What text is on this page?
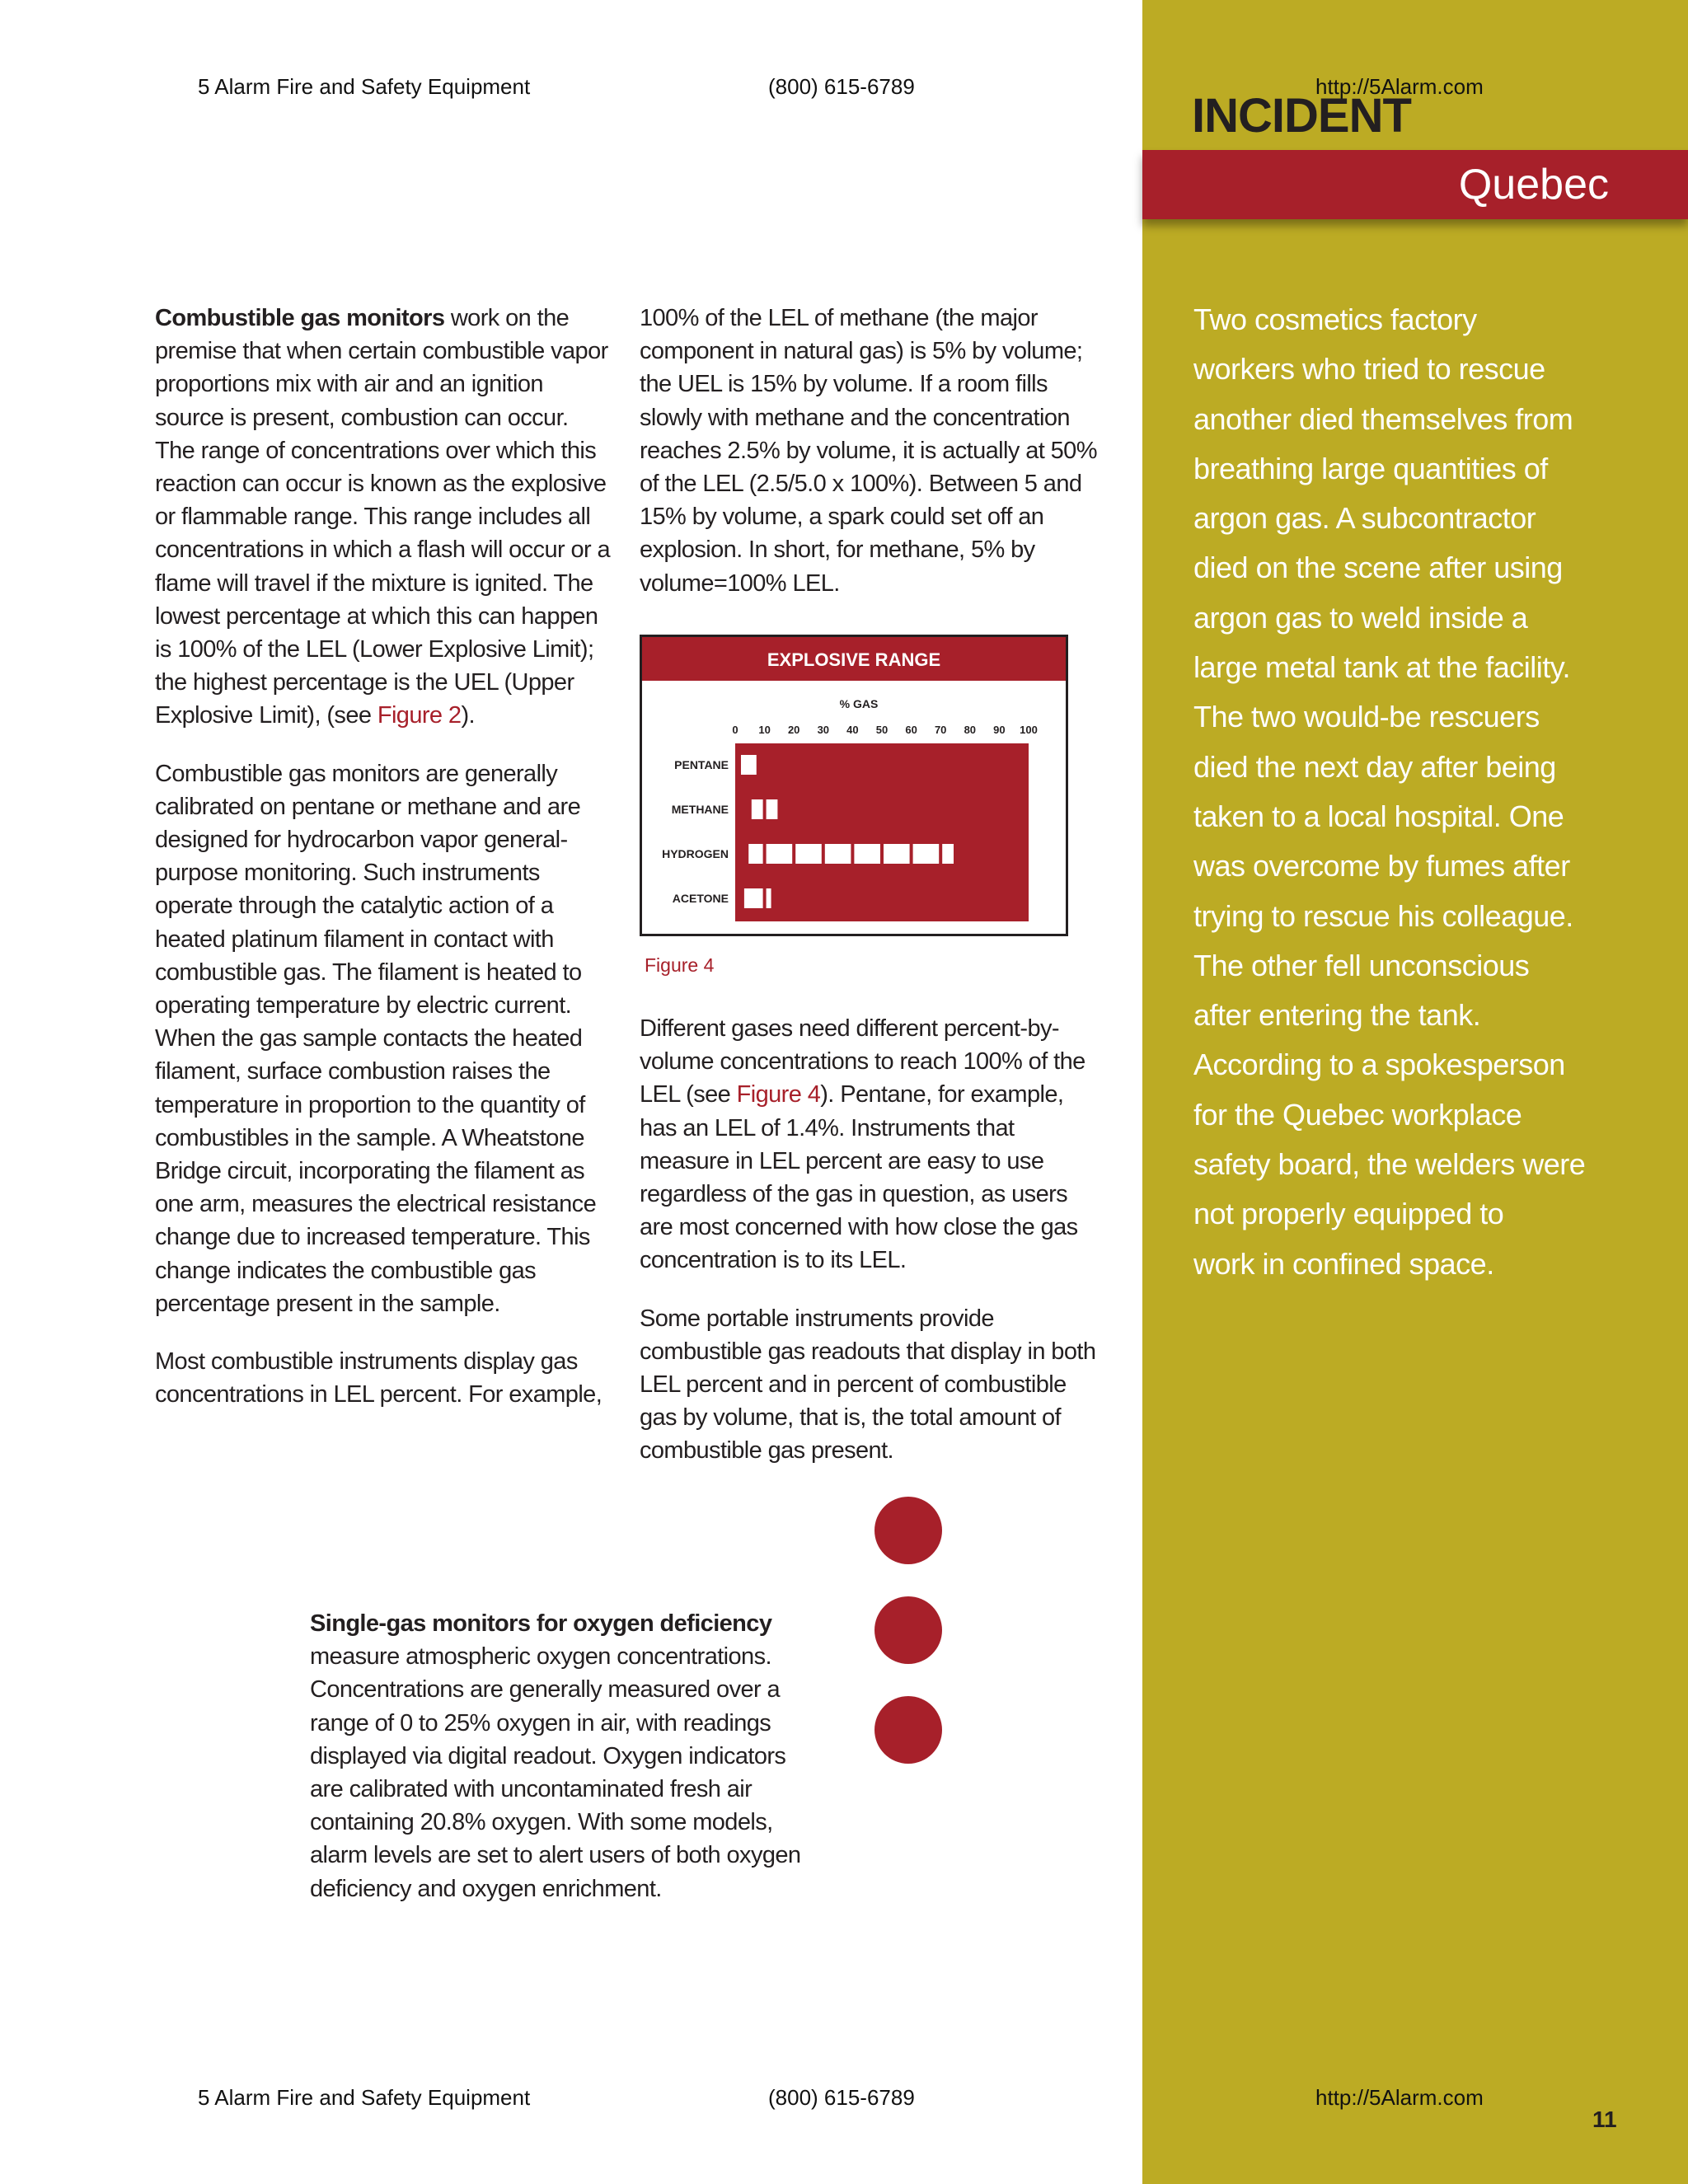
INCIDENT
Quebec
Two cosmetics factory
workers who tried to rescue
another died themselves from
breathing large quantities of
argon gas. A subcontractor
died on the scene after using
argon gas to weld inside a
large metal tank at the facility.
The two would-be rescuers
died the next day after being
taken to a local hospital. One
was overcome by fumes after
trying to rescue his colleague.
The other fell unconscious
after entering the tank.
According to a spokesperson
for the Quebec workplace
safety board, the welders were
not properly equipped to
work in confined space.
5 Alarm Fire and Safety Equipment	(800) 615-6789	http://5Alarm.com

Combustible gas monitors work on the premise that when certain combustible vapor proportions mix with air and an ignition source is present, combustion can occur. The range of concentrations over which this reaction can occur is known as the explosive or flammable range. This range includes all concentrations in which a flash will occur or a flame will travel if the mixture is ignited. The lowest percentage at which this can happen is 100% of the LEL (Lower Explosive Limit); the highest percentage is the UEL (Upper Explosive Limit), (see Figure 2).

Combustible gas monitors are generally calibrated on pentane or methane and are designed for hydrocarbon vapor general-purpose monitoring. Such instruments operate through the catalytic action of a heated platinum filament in contact with combustible gas. The filament is heated to operating temperature by electric current. When the gas sample contacts the heated filament, surface combustion raises the temperature in proportion to the quantity of combustibles in the sample. A Wheatstone Bridge circuit, incorporating the filament as one arm, measures the electrical resistance change due to increased temperature. This change indicates the combustible gas percentage present in the sample.

Most combustible instruments display gas concentrations in LEL percent. For example,

100% of the LEL of methane (the major component in natural gas) is 5% by volume; the UEL is 15% by volume. If a room fills slowly with methane and the concentration reaches 2.5% by volume, it is actually at 50% of the LEL (2.5/5.0 x 100%). Between 5 and 15% by volume, a spark could set off an explosion. In short, for methane, 5% by volume=100% LEL.

EXPLOSIVE RANGE
% GAS
0 10 20 30 40 50 60 70 80 90 100
PENTANE
METHANE
HYDROGEN
ACETONE
Figure 4

Different gases need different percent-by-volume concentrations to reach 100% of the LEL (see Figure 4). Pentane, for example, has an LEL of 1.4%. Instruments that measure in LEL percent are easy to use regardless of the gas in question, as users are most concerned with how close the gas concentration is to its LEL.

Some portable instruments provide combustible gas readouts that display in both LEL percent and in percent of combustible gas by volume, that is, the total amount of combustible gas present.

Single-gas monitors for oxygen deficiency measure atmospheric oxygen concentrations. Concentrations are generally measured over a range of 0 to 25% oxygen in air, with readings displayed via digital readout. Oxygen indicators are calibrated with uncontaminated fresh air containing 20.8% oxygen. With some models, alarm levels are set to alert users of both oxygen deficiency and oxygen enrichment.

5 Alarm Fire and Safety Equipment	(800) 615-6789	http://5Alarm.com
11
